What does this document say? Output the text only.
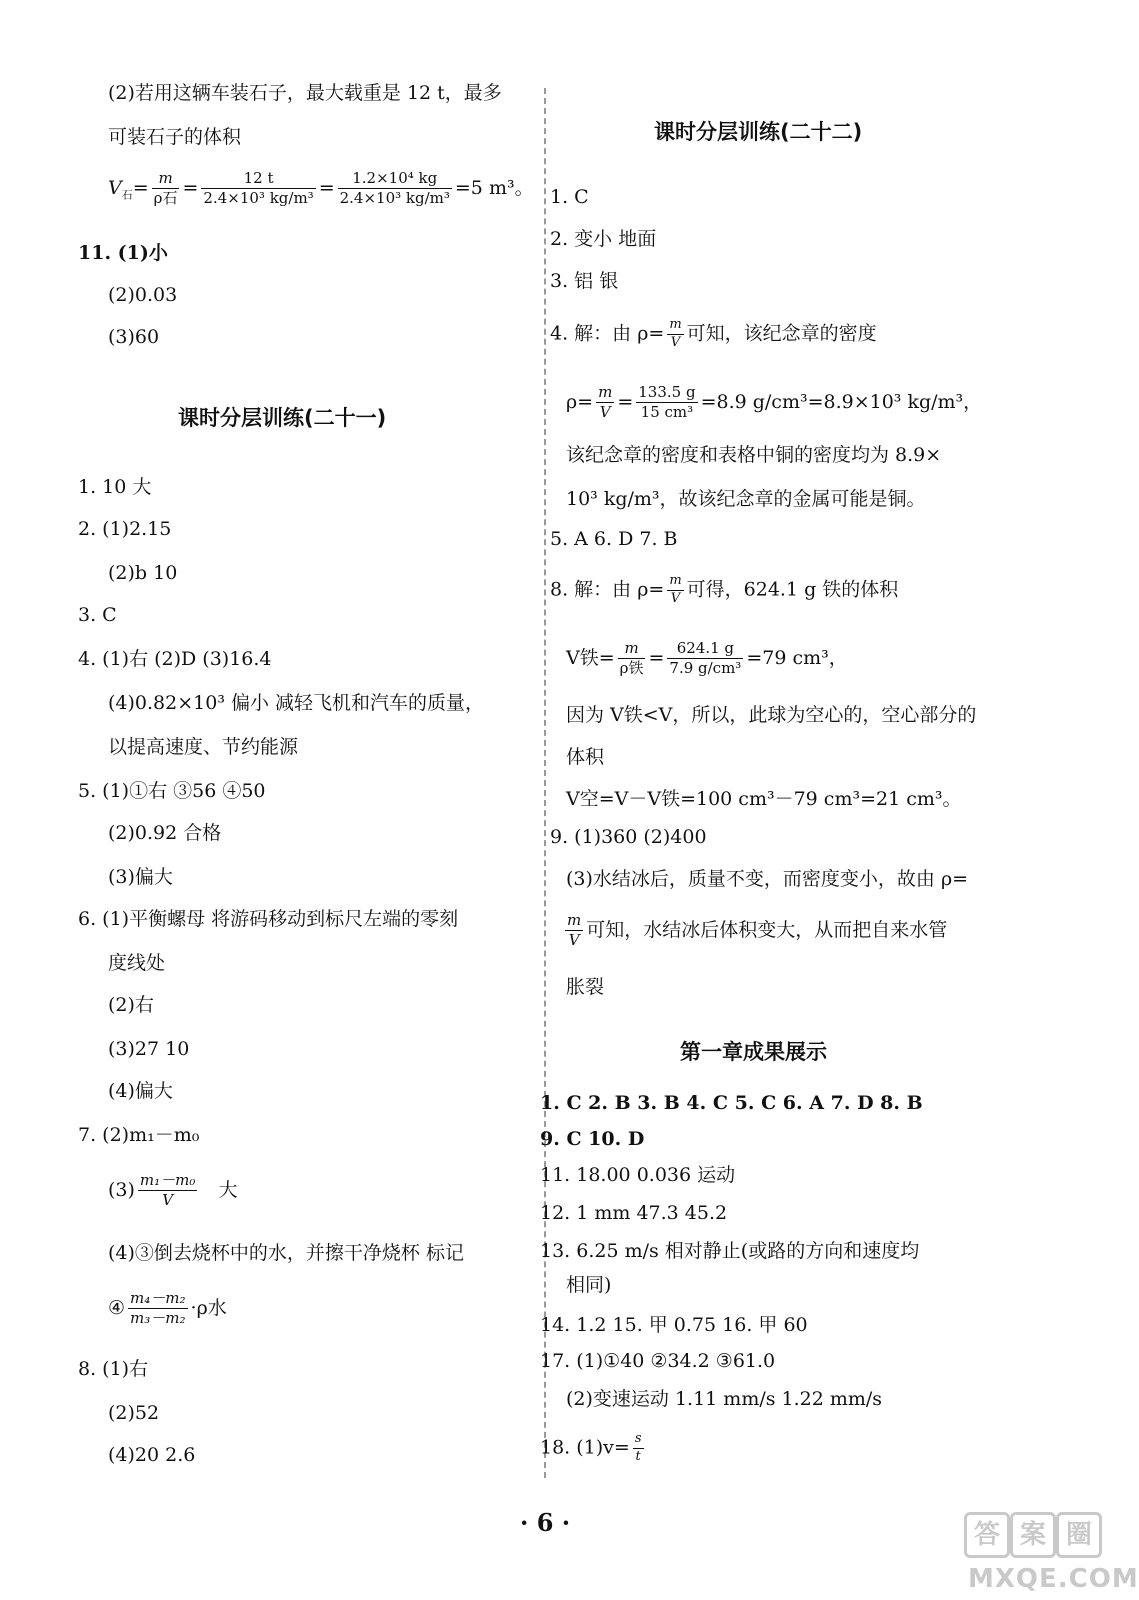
(2)若用这辆车装石子，最大载重是 12 t，最多
可装石子的体积
$V_石= \frac{m}{\text{ρ石}} = \frac{12 t}{\text{2.4×10³ kg/m³}} = \frac{\text{1.2×10⁴ kg}}{\text{2.4×10³ kg/m³}} =5$ m³。
11. (1)小
(2)0.03
(3)60
课时分层训练(二十一)
1. 10 大
2. (1)2.15
(2)b 10
3. C
4. (1)右 (2)D (3)16.4
(4)0.82×10³ 偏小 减轻飞机和汽车的质量，
以提高速度、节约能源
5. (1)①右 ③56 ④50
(2)0.92 合格
(3)偏大
6. (1)平衡螺母 将游码移动到标尺左端的零刻
度线处
(2)右
(3)27 10
(4)偏大
7. (2)m₁－m₀
$(3) \frac{\text{m₁－m₀}}{V}$ 大
(4)③倒去烧杯中的水，并擦干净烧杯 标记
④ $\frac{\text{m₄－m₂}}{\text{m₃－m₂}} \cdot\rho$水
8. (1)右
(2)52
(4)20 2.6
课时分层训练(二十二)
1. C
2. 变小 地面
3. 铝 银
4. 解：由 $\rho= \frac{m}{V}$ 可知，该纪念章的密度
$\rho= \frac{m}{V} = \frac{133.5 g}{\text{15 cm³}} =8.9$ g/cm³=8.9×10³ kg/m³，
该纪念章的密度和表格中铜的密度均为 8.9×
10³ kg/m³，故该纪念章的金属可能是铜。
5. A 6. D 7. B
8. 解：由 $\rho= \frac{m}{V}$ 可得，624.1 g 铁的体积
V铁= $\frac{m}{\text{ρ铁}} = \frac{624.1 g}{\text{7.9 g/cm³}} =79$ cm³，
因为 V铁<V，所以，此球为空心的，空心部分的
体积
V空=V－V铁=100 cm³－79 cm³=21 cm³。
9. (1)360 (2)400
(3)水结冰后，质量不变，而密度变小，故由 ρ=
$\frac{m}{V}$ 可知，水结冰后体积变大，从而把自来水管
胀裂
第一章成果展示
1. C 2. B 3. B 4. C 5. C 6. A 7. D 8. B
9. C 10. D
11. 18.00 0.036 运动
12. 1 mm 47.3 45.2
13. 6.25 m/s 相对静止(或路的方向和速度均
相同)
14. 1.2 15. 甲 0.75 16. 甲 60
17. (1)①40 ②34.2 ③61.0
(2)变速运动 1.11 mm/s 1.22 mm/s
18. $(1)v= \frac{s}{t}$
· 6 ·	答 案 圈
MXQE.COM
